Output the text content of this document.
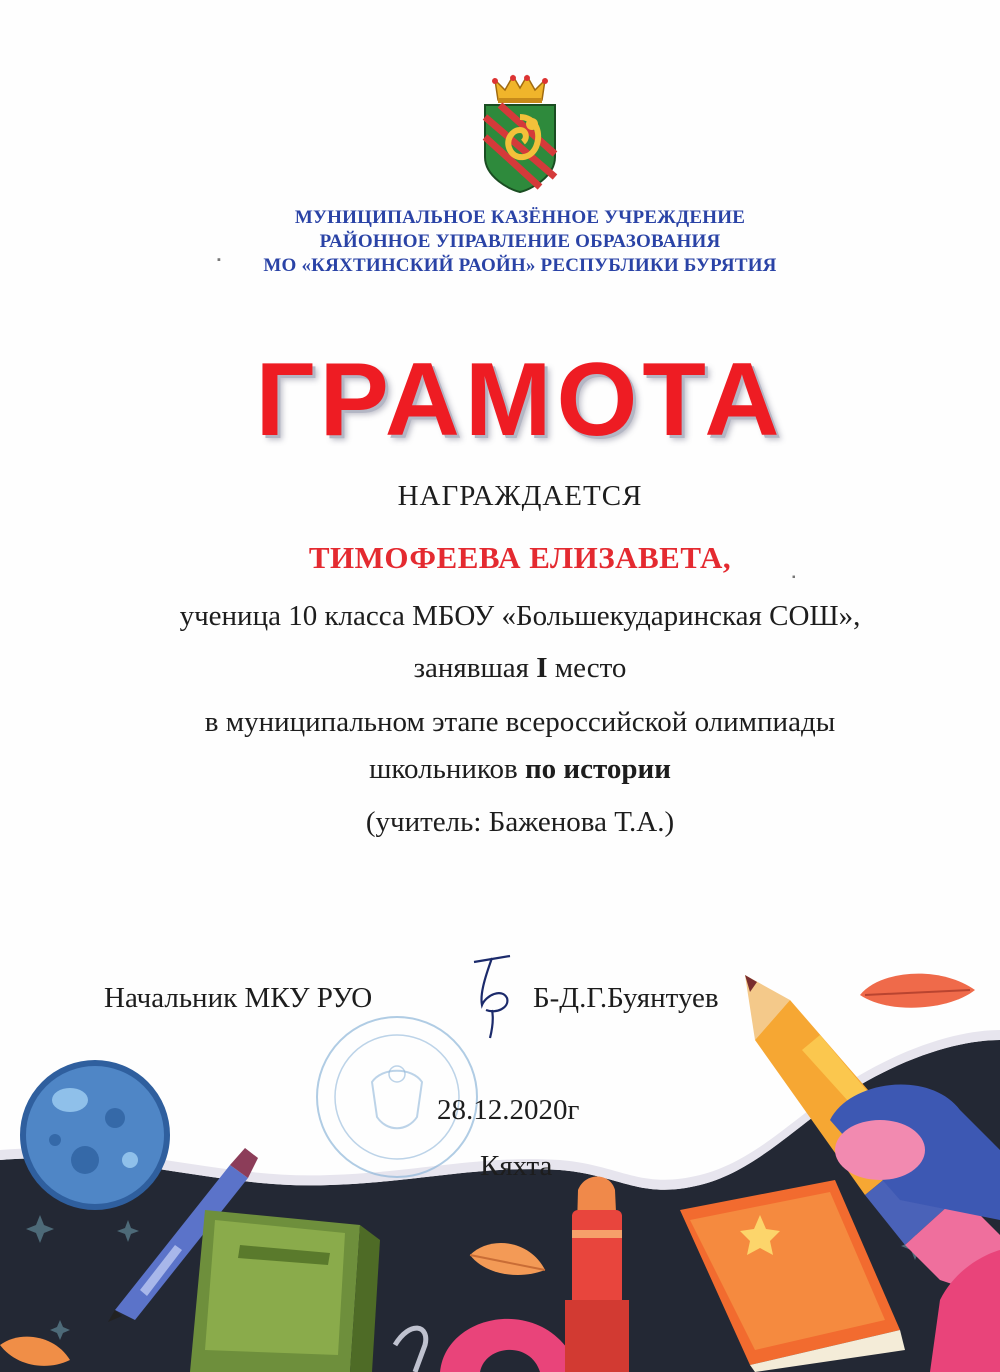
▪
▪
МУНИЦИПАЛЬНОЕ КАЗЁННОЕ УЧРЕЖДЕНИЕ
РАЙОННОЕ УПРАВЛЕНИЕ ОБРАЗОВАНИЯ
МО «КЯХТИНСКИЙ РАОЙН» РЕСПУБЛИКИ БУРЯТИЯ
ГРАМОТА
НАГРАЖДАЕТСЯ
ТИМОФЕЕВА ЕЛИЗАВЕТА,
ученица 10 класса МБОУ «Большекударинская СОШ»,
занявшая I место
в муниципальном этапе всероссийской олимпиады
школьников по истории
(учитель: Баженова Т.А.)
Начальник МКУ РУО	Б-Д.Г.Буянтуев
28.12.2020г
Кяхта
